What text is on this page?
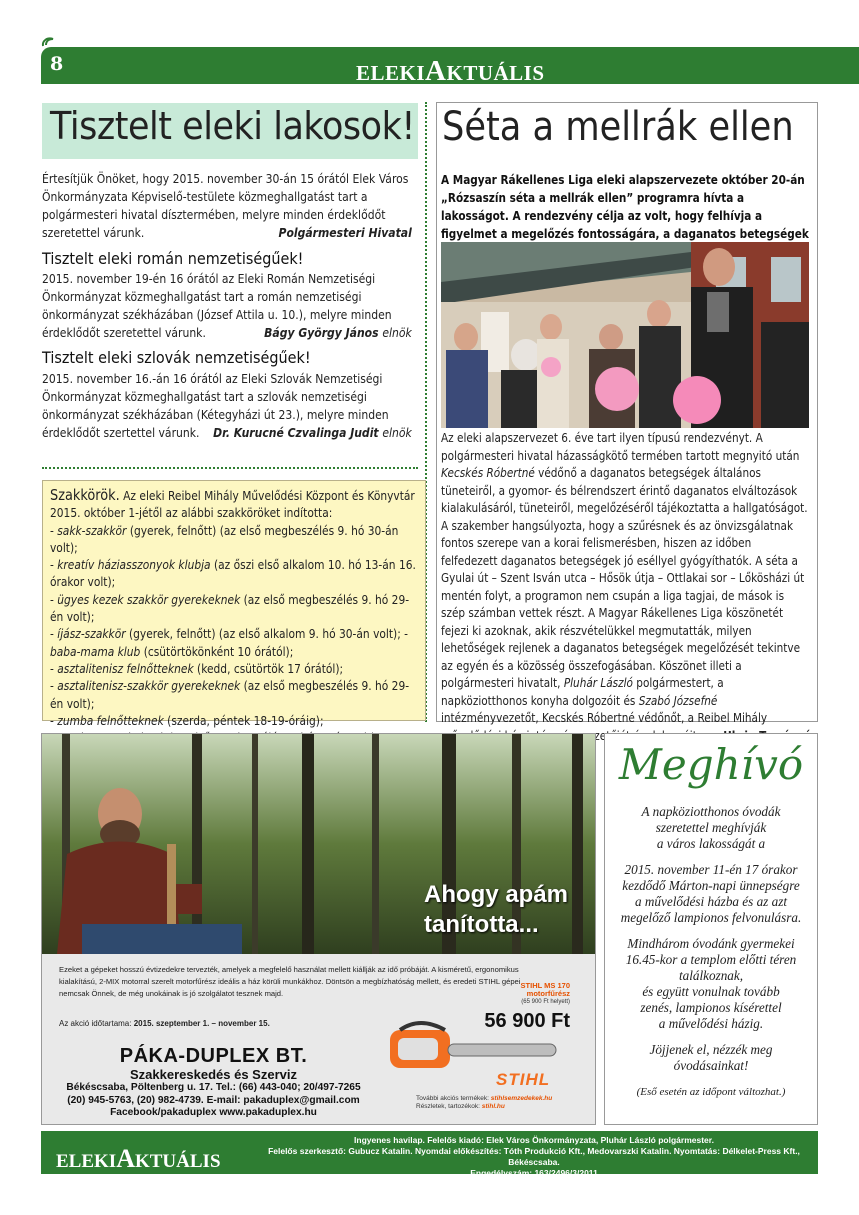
8	ELEKIAKTUÁLIS
Tisztelt eleki lakosok!
Értesítjük Önöket, hogy 2015. november 30-án 15 órától Elek Város Önkormányzata Képviselő-testülete közmeghallgatást tart a polgármesteri hivatal dísztermében, melyre minden érdeklődőt szeretettel várunk.	Polgármesteri Hivatal
Tisztelt eleki román nemzetiségűek!
2015. november 19-én 16 órától az Eleki Román Nemzetiségi Önkormányzat közmeghallgatást tart a román nemzetiségi önkormányzat székházában (József Attila u. 10.), melyre minden érdeklődőt szeretettel várunk.	Bágy György János elnök
Tisztelt eleki szlovák nemzetiségűek!
2015. november 16.-án 16 órától az Eleki Szlovák Nemzetiségi Önkormányzat közmeghallgatást tart a szlovák nemzetiségi önkormányzat székházában (Kétegyházi út 23.), melyre minden érdeklődőt szertettel várunk. Dr. Kurucné Czvalinga Judit elnök
Szakkörök. Az eleki Reibel Mihály Művelődési Központ és Könyvtár 2015. október 1-jétől az alábbi szakköröket indította:
- sakk-szakkör (gyerek, felnőtt) (az első megbeszélés 9. hó 30-án volt);
- kreatív háziasszonyok klubja (az őszi első alkalom 10. hó 13-án 16. órakor volt);
- ügyes kezek szakkör gyerekeknek (az első megbeszélés 9. hó 29-én volt);
- íjász-szakkör (gyerek, felnőtt) (az első alkalom 9. hó 30-án volt); - baba-mama klub (csütörtökönként 10 órától);
- asztalitenisz felnőtteknek (kedd, csütörtök 17 órától);
- asztalitenisz-szakkör gyerekeknek (az első megbeszélés 9. hó 29-én volt);
- zumba felnőtteknek (szerda, péntek 18-19-óráig);
Séta a mellrák ellen
A Magyar Rákellenes Liga eleki alapszervezete október 20-án „Rózsaszín séta a mellrák ellen” programra hívta a lakosságot. A rendezvény célja az volt, hogy felhívja a figyelmet a megelőzés fontosságára, a daganatos betegségek
Az eleki alapszervezet 6. éve tart ilyen típusú rendezvényt. A polgármesteri hivatal házasságkötő termében tartott megnyitó után Kecskés Róbertné védőnő a daganatos betegségek általános tüneteiről, a gyomor- és bélrendszert érintő daganatos elváltozások kialakulásáról, tüneteiről, megelőzéséről tájékoztatta a hallgatóságot. A szakember hangsúlyozta, hogy a szűrésnek és az önvizsgálatnak fontos szerepe van a korai felismerésben, hiszen az időben felfedezett daganatos betegségek jó eséllyel gyógyíthatók. A séta a Gyulai út – Szent Isván utca – Hősök útja – Ottlakai sor – Lőkösházi út mentén folyt, a programon nem csupán a liga tagjai, de mások is szép számban vettek részt. A Magyar Rákellenes Liga köszönetét fejezi ki azoknak, akik részvételükkel megmutatták, milyen lehetőségek rejlenek a daganatos betegségek megelőzését tekintve az egyén és a közösség összefogásában. Köszönet illeti a polgármesteri hivatalt, Pluhár László polgármestert, a napköziotthonos konyha dolgozóit és Szabó Józsefné intézményvezetőt, Kecskés Róbertné védőnőt, a Reibel Mihály
Ahogy apám
tanította...
Ezeket a gépeket hosszú évtizedekre tervezték, amelyek a megfelelő használat mellett kiállják az idő próbáját. A kisméretű, ergonomikus kialakítású, 2-MIX motorral szerelt motorfűrész ideális a ház körüli munkákhoz. Döntsön a megbízhatóság mellett, és eredeti STIHL gépei nemcsak Önnek, de még unokáinak is jó szolgálatot tesznek majd.
Az akció időtartama: 2015. szeptember 1. – november 15.
STIHL MS 170
motorfűrész
(65 900 Ft helyett)
56 900 Ft
PÁKA-DUPLEX BT.
Szakkereskedés és Szerviz
Békéscsaba, Pöltenberg u. 17. Tel.: (66) 443-040; 20/497-7265
(20) 945-5763, (20) 982-4739. E-mail: pakaduplex@gmail.com
Facebook/pakaduplex www.pakaduplex.hu
STIHL
További akciós termékek: stihlsemzedekek.hu
Részletek, tartozékok: stihl.hu
Meghívó
A napköziotthonos óvodák
szeretettel meghívják
a város lakosságát a
2015. november 11-én 17 órakor
kezdődő Márton-napi ünnepségre
a művelődési házba és az azt
megelőző lampionos felvonulásra.
Mindhárom óvodánk gyermekei
16.45-kor a templom előtti téren
találkoznak,
és együtt vonulnak tovább
zenés, lampionos kísérettel
a művelődési házig.
Jöjjenek el, nézzék meg
óvodásainkat!
(Eső esetén az időpont változhat.)
ELEKIAKTUÁLIS
Ingyenes havilap. Felelős kiadó: Elek Város Önkormányzata, Pluhár László polgármester.
Felelős szerkesztő: Gubucz Katalin. Nyomdai előkészítés: Tóth Produkció Kft., Medovarszki Katalin. Nyomtatás: Délkelet-Press Kft., Békéscsaba.
Engedélyszám: 163/2496/3/2011
